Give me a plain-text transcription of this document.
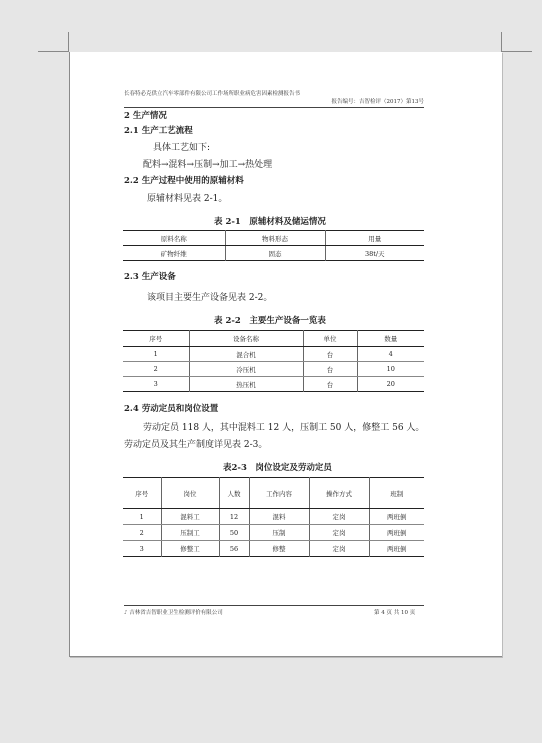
长春特必克供立汽车零部件有限公司工作场所职业病危害因素检测报告书
报告编号：吉智检评（2017）第13号
2 生产情况
2.1 生产工艺流程
具体工艺如下:
配料→混料→压制→加工→热处理
2.2 生产过程中使用的原辅材料
原辅材料见表 2-1。
表 2-1　原辅材料及储运情况
原料名称	物料形态	用量
矿物纤维	固态	38t/天
2.3 生产设备
该项目主要生产设备见表 2-2。
表 2-2　主要生产设备一览表
序号	设备名称	单位	数量
1	混合机	台	4
2	冷压机	台	10
3	热压机	台	20
2.4 劳动定员和岗位设置
劳动定员 118 人，其中混料工 12 人，压制工 50 人，修整工 56 人。
劳动定员及其生产制度详见表 2-3。
表2-3　岗位设定及劳动定员
序号	岗位	人数	工作内容	操作方式	班制
1	混料工	12	混料	定岗	两班倒
2	压制工	50	压制	定岗	两班倒
3	修整工	56	修整	定岗	两班倒
♪ 吉林省吉智职业卫生检测评价有限公司	第 4 页 共 10 页
